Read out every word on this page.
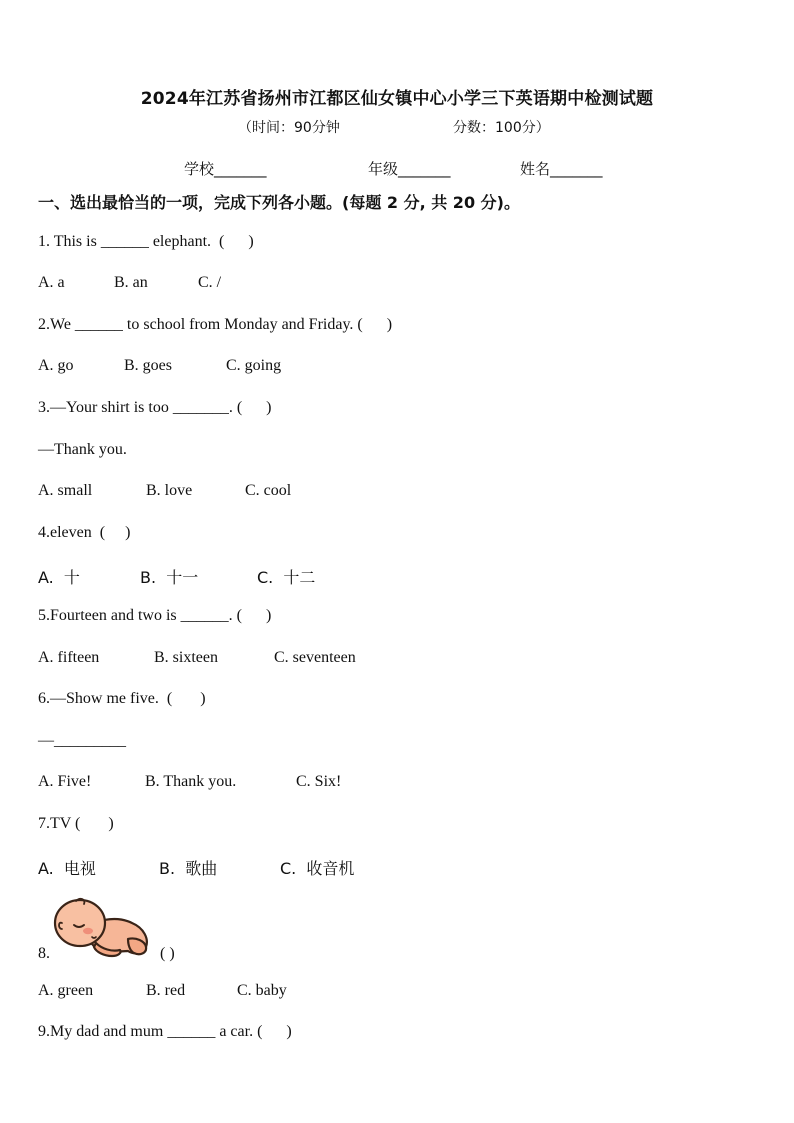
2024年江苏省扬州市江都区仙女镇中心小学三下英语期中检测试题
（时间：90分钟	分数：100分）
学校_______	年级_______	姓名_______
一、选出最恰当的一项，完成下列各小题。(每题 2 分, 共 20 分)。
1. This is ______ elephant.  (      )
A. a	B. an	C. /
2.We ______ to school from Monday and Friday. (      )
A. go	B. goes	C. going
3.—Your shirt is too _______. (      )
—Thank you.
A. small	B. love	C. cool
4.eleven  (     )
A.  十	B.  十一	C.  十二
5.Fourteen and two is ______. (      )
A. fifteen	B. sixteen	C. seventeen
6.—Show me five.  (       )
—_________
A. Five!	B. Thank you.	C. Six!
7.TV (       )
A.  电视	B.  歌曲	C.  收音机
8.	( )
A. green	B. red	C. baby
9.My dad and mum ______ a car. (      )
